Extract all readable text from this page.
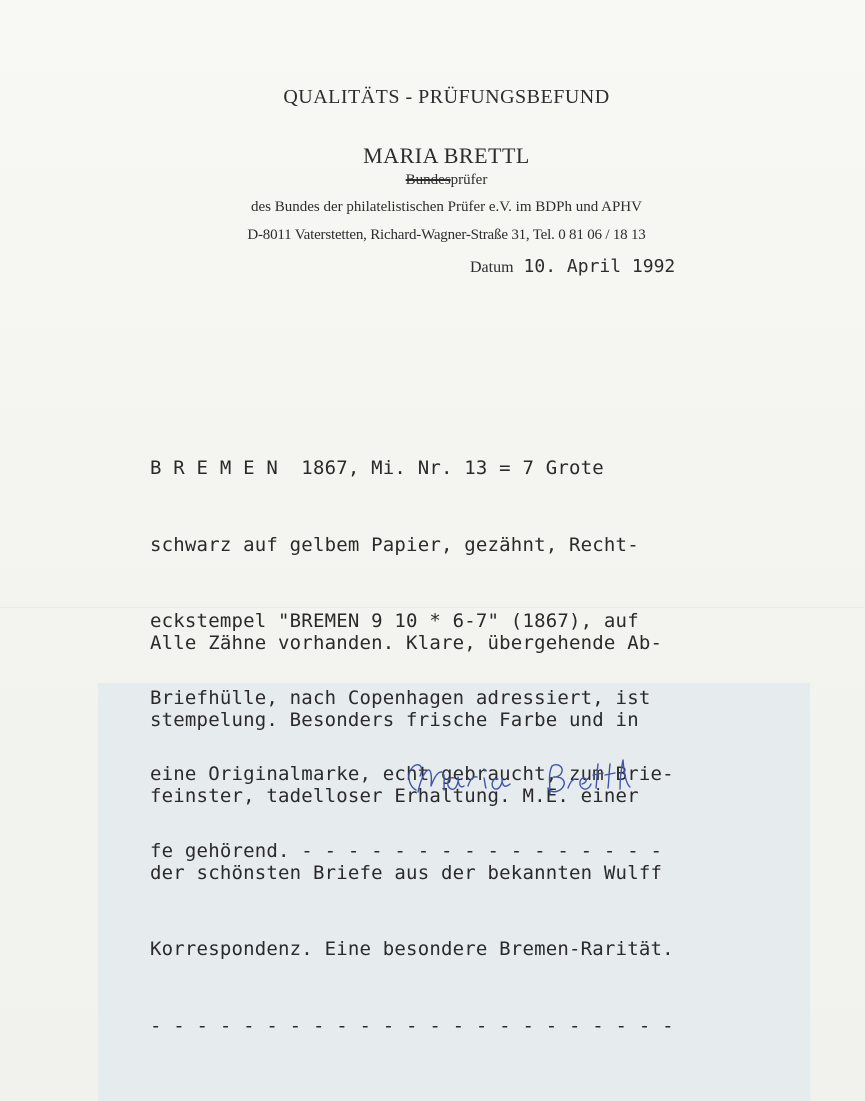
QUALITÄTS - PRÜFUNGSBEFUND
MARIA BRETTL
Bundesprüfer
des Bundes der philatelistischen Prüfer e.V. im BDPh und APHV
D-8011 Vaterstetten, Richard-Wagner-Straße 31, Tel. 0 81 06 / 18 13
Datum 10. April 1992

B R E M E N  1867, Mi. Nr. 13 = 7 Grote

schwarz auf gelbem Papier, gezähnt, Recht-

eckstempel "BREMEN 9 10 * 6-7" (1867), auf

Briefhülle, nach Copenhagen adressiert, ist

eine Originalmarke, echt gebraucht, zum Brie-

fe gehörend. - - - - - - - - - - - - - - - -

Alle Zähne vorhanden. Klare, übergehende Ab-

stempelung. Besonders frische Farbe und in

feinster, tadelloser Erhaltung. M.E. einer

der schönsten Briefe aus der bekannten Wulff

Korrespondenz. Eine besondere Bremen-Rarität.

- - - - - - - - - - - - - - - - - - - - - - -
